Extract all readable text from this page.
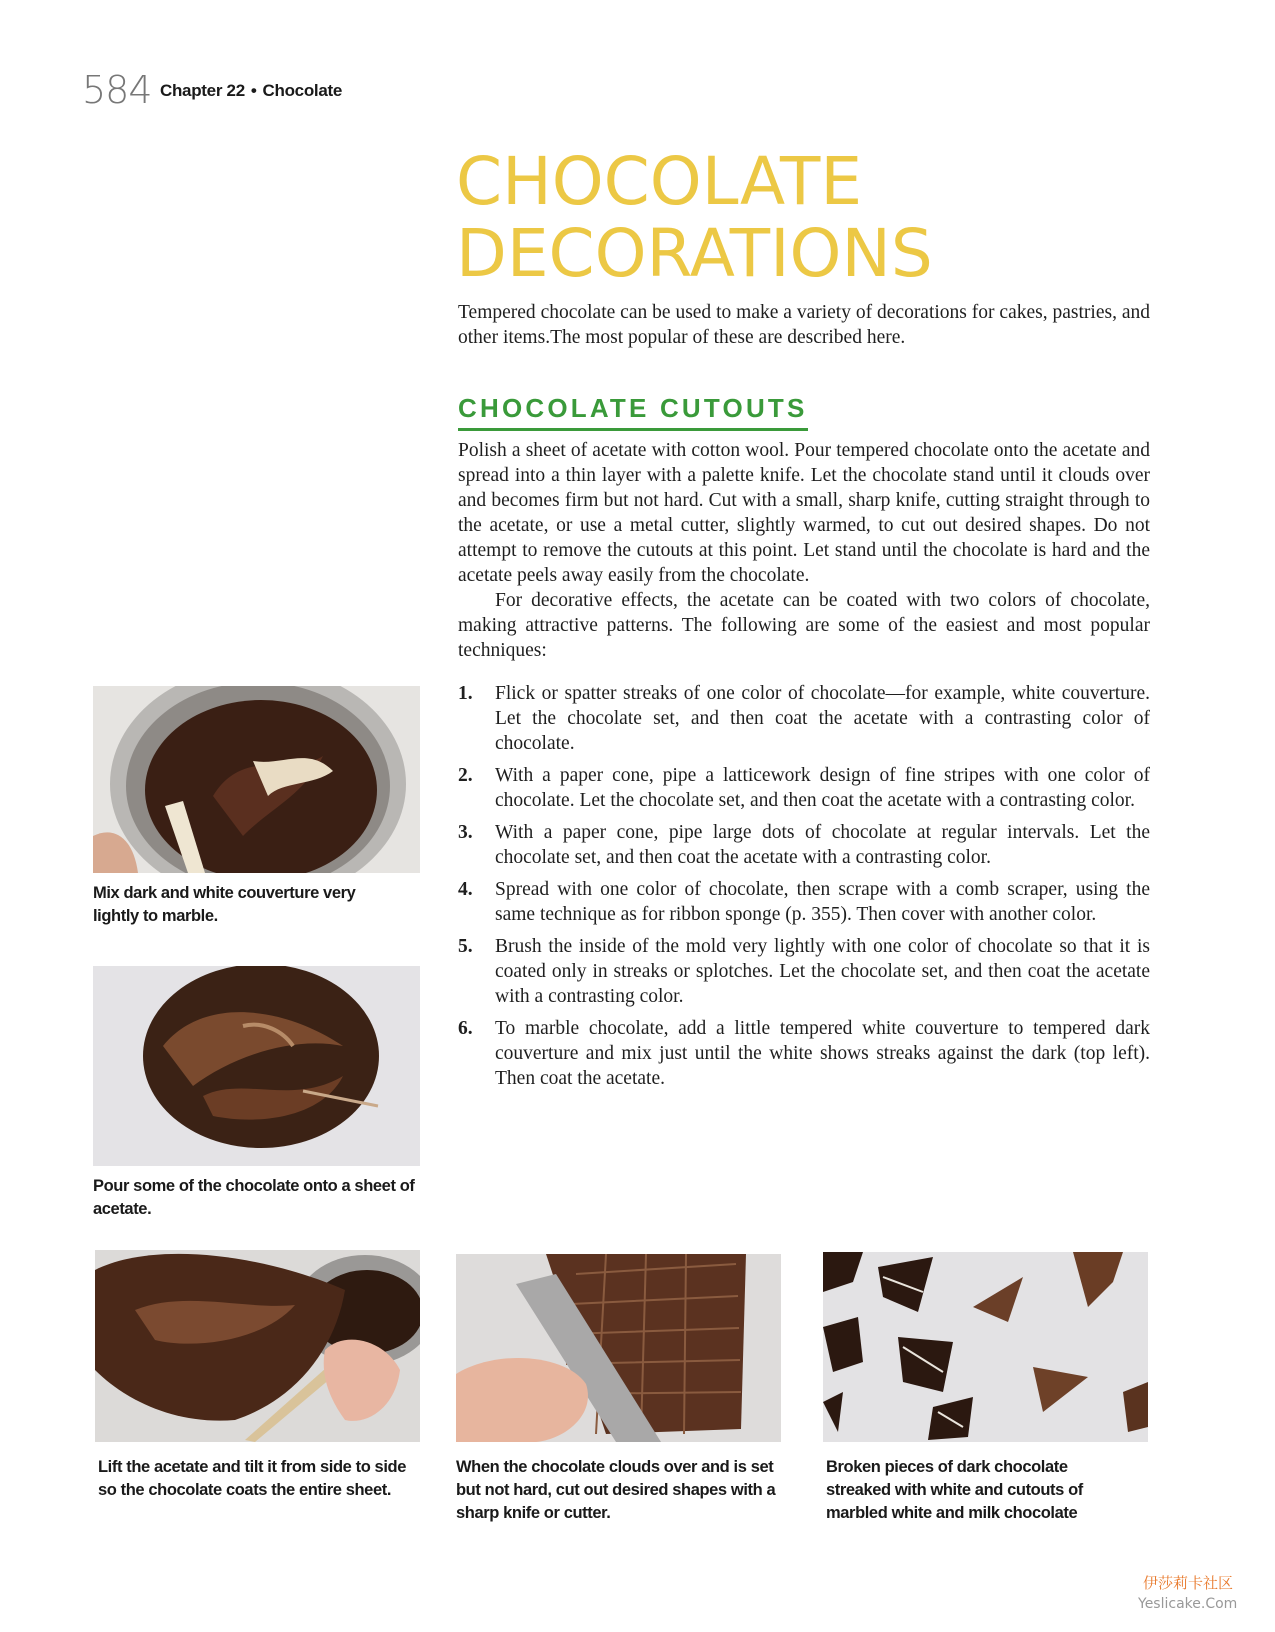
584 Chapter 22 • Chocolate
CHOCOLATE
DECORATIONS

Tempered chocolate can be used to make a variety of decorations for cakes, pastries, and other items.The most popular of these are described here.

CHOCOLATE CUTOUTS

Polish a sheet of acetate with cotton wool. Pour tempered chocolate onto the acetate and spread into a thin layer with a palette knife. Let the chocolate stand until it clouds over and becomes firm but not hard. Cut with a small, sharp knife, cutting straight through to the acetate, or use a metal cutter, slightly warmed, to cut out desired shapes. Do not attempt to remove the cutouts at this point. Let stand until the chocolate is hard and the acetate peels away easily from the chocolate.

For decorative effects, the acetate can be coated with two colors of chocolate, making attractive patterns. The following are some of the easiest and most popular techniques:

1. Flick or spatter streaks of one color of chocolate—for example, white couverture. Let the chocolate set, and then coat the acetate with a contrasting color of chocolate.
2. With a paper cone, pipe a latticework design of fine stripes with one color of chocolate. Let the chocolate set, and then coat the acetate with a contrasting color.
3. With a paper cone, pipe large dots of chocolate at regular intervals. Let the chocolate set, and then coat the acetate with a contrasting color.
4. Spread with one color of chocolate, then scrape with a comb scraper, using the same technique as for ribbon sponge (p. 355). Then cover with another color.
5. Brush the inside of the mold very lightly with one color of chocolate so that it is coated only in streaks or splotches. Let the chocolate set, and then coat the acetate with a contrasting color.
6. To marble chocolate, add a little tempered white couverture to tempered dark couverture and mix just until the white shows streaks against the dark (top left). Then coat the acetate.

Mix dark and white couverture very lightly to marble.

Pour some of the chocolate onto a sheet of acetate.

Lift the acetate and tilt it from side to side so the chocolate coats the entire sheet.

When the chocolate clouds over and is set but not hard, cut out desired shapes with a sharp knife or cutter.

Broken pieces of dark chocolate streaked with white and cutouts of marbled white and milk chocolate

伊莎莉卡社区
Yeslicake.Com
